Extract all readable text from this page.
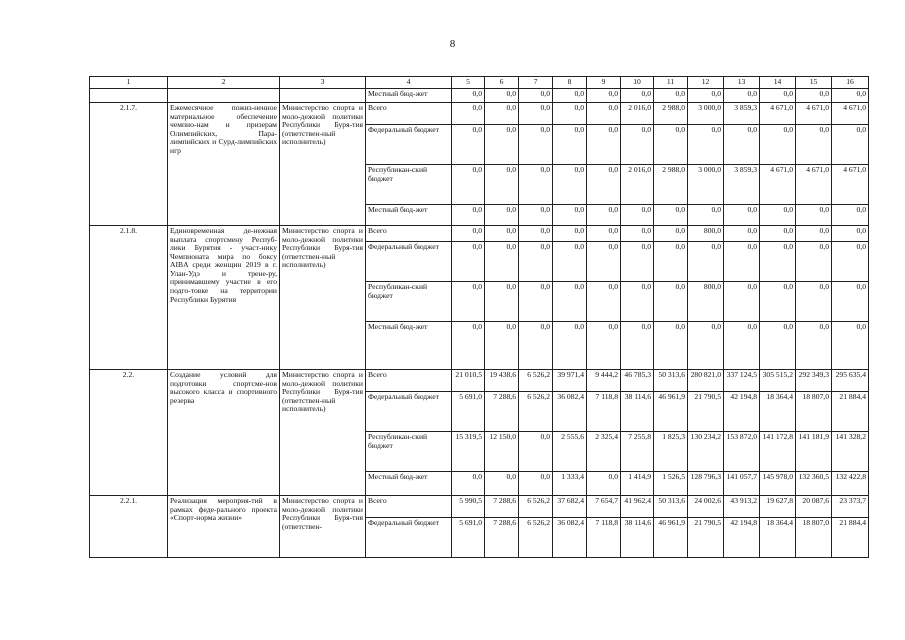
8
1	2	3	4	5	6	7	8	9	10	11	12	13	14	15	16
			Местный бюд-жет	0,0	0,0	0,0	0,0	0,0	0,0	0,0	0,0	0,0	0,0	0,0	0,0
2.1.7.	Ежемесячное пожиз-ненное материальное обеспечение чемпио-нам и призерам Олимпийских, Пара-лимпийских и Сурд-лимпийских игр	Министерство спорта и моло-дежной политики Республики Буря-тия (ответствен-ный исполнитель)	Всего	0,0	0,0	0,0	0,0	0,0	2 016,0	2 988,0	3 000,0	3 859,3	4 671,0	4 671,0	4 671,0
			Федеральный бюджет	0,0	0,0	0,0	0,0	0,0	0,0	0,0	0,0	0,0	0,0	0,0	0,0
			Республикан-ский бюджет	0,0	0,0	0,0	0,0	0,0	2 016,0	2 988,0	3 000,0	3 859,3	4 671,0	4 671,0	4 671,0
			Местный бюд-жет	0,0	0,0	0,0	0,0	0,0	0,0	0,0	0,0	0,0	0,0	0,0	0,0
2.1.8.	Единовременная де-нежная выплата спортсмену Респуб-лики Бурятия - участ-нику Чемпионата мира по боксу AIBA среди женщин 2019 в г. Улан-Удэ и трене-ру, принимавшему участие в его подго-товке на территории Республики Бурятия	Министерство спорта и моло-дежной политики Республики Буря-тия (ответствен-ный исполнитель)	Всего	0,0	0,0	0,0	0,0	0,0	0,0	0,0	800,0	0,0	0,0	0,0	0,0
			Федеральный бюджет	0,0	0,0	0,0	0,0	0,0	0,0	0,0	0,0	0,0	0,0	0,0	0,0
			Республикан-ский бюджет	0,0	0,0	0,0	0,0	0,0	0,0	0,0	800,0	0,0	0,0	0,0	0,0
			Местный бюд-жет	0,0	0,0	0,0	0,0	0,0	0,0	0,0	0,0	0,0	0,0	0,0	0,0
2.2.	Создание условий для подготовки спортсме-нов высокого класса и спортивного резерва	Министерство спорта и моло-дежной политики Республики Буря-тия (ответствен-ный исполнитель)	Всего	21 010,5	19 438,6	6 526,2	39 971,4	9 444,2	46 785,3	50 313,6	280 821,0	337 124,5	305 515,2	292 349,3	295 635,4
			Федеральный бюджет	5 691,0	7 288,6	6 526,2	36 082,4	7 118,8	38 114,6	46 961,9	21 790,5	42 194,8	18 364,4	18 807,0	21 884,4
			Республикан-ский бюджет	15 319,5	12 150,0	0,0	2 555,6	2 325,4	7 255,8	1 825,3	130 234,2	153 872,0	141 172,8	141 181,9	141 328,2
			Местный бюд-жет	0,0	0,0	0,0	1 333,4	0,0	1 414,9	1 526,5	128 796,3	141 057,7	145 978,0	132 360,5	132 422,8
2.2.1.	Реализация мероприя-тий в рамках феде-рального проекта «Спорт-норма жизни»	Министерство спорта и моло-дежной политики Республики Буря-тия (ответствен-	Всего	5 990,5	7 288,6	6 526,2	37 682,4	7 654,7	41 962,4	50 313,6	24 002,6	43 913,2	19 627,8	20 087,6	23 373,7
			Федеральный бюджет	5 691,0	7 288,6	6 526,2	36 082,4	7 118,8	38 114,6	46 961,9	21 790,5	42 194,8	18 364,4	18 807,0	21 884,4
